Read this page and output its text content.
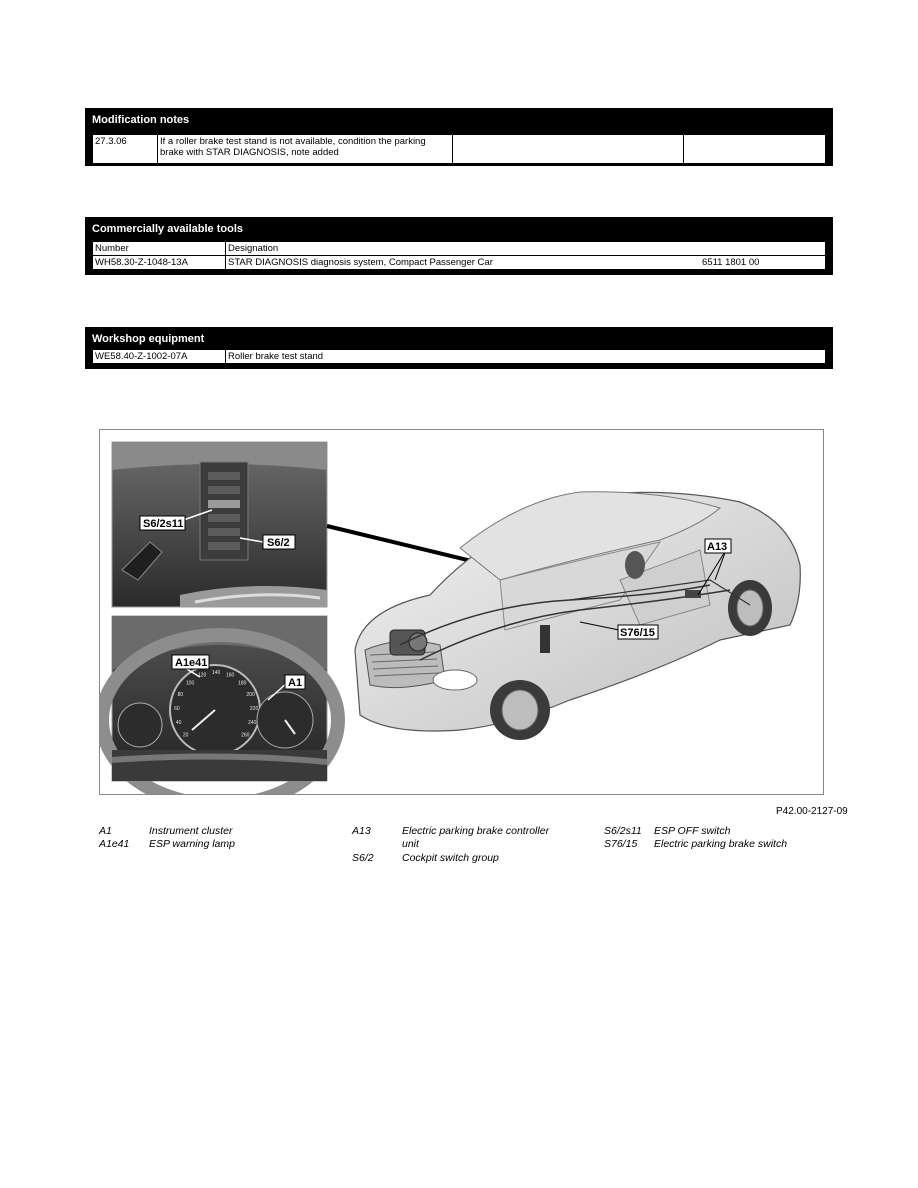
Modification notes
27.3.06	If a roller brake test stand is not available, condition the parking brake with STAR DIAGNOSIS, note added		
Commercially available tools
Number	Designation	
WH58.30-Z-1048-13A	STAR DIAGNOSIS diagnosis system, Compact Passenger Car	6511 1801 00
Workshop equipment
WE58.40-Z-1002-07A	Roller brake test stand
20
40
60
80
100
120 140 160
180
200
220
240
260
S6/2s11
S6/2
A1e41
A1
A13
S76/15
P42.00-2127-09
A1	Instrument cluster
A1e41 ESP warning lamp
A13	Electric parking brake controller unit
S6/2	Cockpit switch group
S6/2s11 ESP OFF switch
S76/15 Electric parking brake switch
